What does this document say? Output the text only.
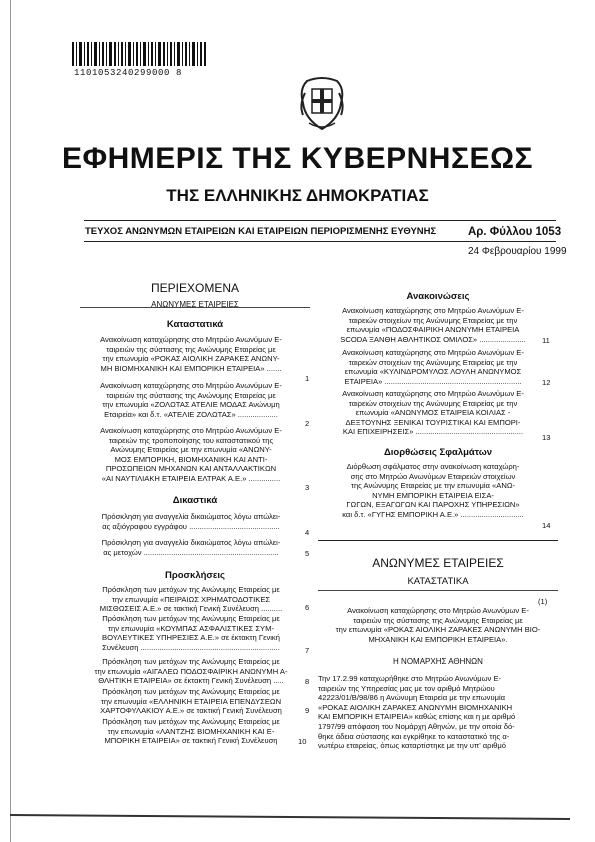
1101053240299000 8
ΕΦΗΜΕΡΙΣ ΤΗΣ ΚΥΒΕΡΝΗΣΕΩΣ
ΤΗΣ ΕΛΛΗΝΙΚΗΣ ΔΗΜΟΚΡΑΤΙΑΣ
ΤΕΥΧΟΣ ΑΝΩΝΥΜΩΝ ΕΤΑΙΡΕΙΩΝ ΚΑΙ ΕΤΑΙΡΕΙΩΝ ΠΕΡΙΟΡΙΣΜΕΝΗΣ ΕΥΘΥΝΗΣ	Αρ. Φύλλου 1053
24 Φεβρουαρίου 1999
ΠΕΡΙΕΧΟΜΕΝΑ
ΑΝΩΝΥΜΕΣ ΕΤΑΙΡΕΙΕΣ
Καταστατικά
Ανακοίνωση καταχώρησης στο Μητρώο Ανωνύμων Ε-
ταιρειών της σύστασης της Ανώνυμης Εταιρείας με
την επωνυμία «ΡΟΚΑΣ ΑΙΟΛΙΚΗ ΖΑΡΑΚΕΣ ΑΝΩΝΥ-
ΜΗ ΒΙΟΜΗΧΑΝΙΚΗ ΚΑΙ ΕΜΠΟΡΙΚΗ ΕΤΑΙΡΕΙΑ» .......
1
Ανακοίνωση καταχώρησης στο Μητρώο Ανωνύμων Ε-
ταιρειών της σύστασης της Ανώνυμης Εταιρείας με
την επωνυμία «ΖΟΛΩΤΑΣ ΑΤΕΛΙΕ ΜΟΔΑΣ Ανώνυμη
Εταιρεία» και δ.τ. «ΑΤΕΛΙΕ ΖΟΛΩΤΑΣ» ...................
2
Ανακοίνωση καταχώρησης στο Μητρώο Ανωνύμων Ε-
ταιρειών της τροποποίησης του καταστατικού της
Ανώνυμης Εταιρείας με την επωνυμία «ΑΝΩΝΥ-
ΜΟΣ ΕΜΠΟΡΙΚΗ, ΒΙΟΜΗΧΑΝΙΚΗ ΚΑΙ ΑΝΤΙ-
ΠΡΟΣΩΠΕΙΩΝ ΜΗΧΑΝΩΝ ΚΑΙ ΑΝΤΑΛΛΑΚΤΙΚΩΝ
«ΑΙ ΝΑΥΤΙΛΙΑΚΗ ΕΤΑΙΡΕΙΑ ΕΛΤΡΑΚ Α.Ε.» ...............
3
Δικαστικά
Πρόσκληση για αναγγελία δικαιώματος λόγω απώλει-
ας αξιόγραφου εγγράφου ...........................................
4
Πρόσκληση για αναγγελία δικαιώματος λόγω απώλει-
ας μετοχών ................................................................	5
Προσκλήσεις
Πρόσκληση των μετόχων της Ανώνυμης Εταιρείας με
την επωνυμία «ΠΕΙΡΑΙΩΣ ΧΡΗΜΑΤΟΔΟΤΙΚΕΣ
ΜΙΣΘΩΣΕΙΣ Α.Ε.» σε τακτική Γενική Συνέλευση ..........	6
Πρόσκληση των μετόχων της Ανώνυμης Εταιρείας με
την επωνυμία «ΚΟΥΜΠΑΣ ΑΣΦΑΛΙΣΤΙΚΕΣ ΣΥΜ-
ΒΟΥΛΕΥΤΙΚΕΣ ΥΠΗΡΕΣΙΕΣ Α.Ε.» σε έκτακτη Γενική
Συνέλευση ..................................................................	7
Πρόσκληση των μετόχων της Ανώνυμης Εταιρείας με
την επωνυμία «ΑΙΓΑΛΕΩ ΠΟΔΟΣΦΑΙΡΙΚΗ ΑΝΩΝΥΜΗ Α-
ΘΛΗΤΙΚΗ ΕΤΑΙΡΕΙΑ» σε έκτακτη Γενική Συνέλευση .....	8
Πρόσκληση των μετόχων της Ανώνυμης Εταιρείας με
την επωνυμία «ΕΛΛΗΝΙΚΗ ΕΤΑΙΡΕΙΑ ΕΠΕΝΔΥΣΕΩΝ
ΧΑΡΤΟΦΥΛΑΚΙΟΥ Α.Ε.» σε τακτική Γενική Συνέλευση	9
Πρόσκληση των μετόχων της Ανώνυμης Εταιρείας με
την επωνυμία «ΛΑΝΤΖΗΣ ΒΙΟΜΗΧΑΝΙΚΗ ΚΑΙ Ε-
ΜΠΟΡΙΚΗ ΕΤΑΙΡΕΙΑ» σε τακτική Γενική Συνέλευση	10
Ανακοινώσεις
Ανακοίνωση καταχώρησης στο Μητρώο Ανωνύμων Ε-
ταιρειών στοιχείων της Ανώνυμης Εταιρείας με την
επωνυμία «ΠΟΔΟΣΦΑΙΡΙΚΗ ΑΝΩΝΥΜΗ ΕΤΑΙΡΕΙΑ
SCODA ΞΑΝΘΗ ΑΘΛΗΤΙΚΟΣ ΟΜΙΛΟΣ» ......................	11
Ανακοίνωση καταχώρησης στο Μητρώο Ανωνύμων Ε-
ταιρειών στοιχείων της Ανώνυμης Εταιρείας με την
επωνυμία «ΚΥΛΙΝΔΡΟΜΥΛΟΣ ΛΟΥΛΗ ΑΝΩΝΥΜΟΣ
ΕΤΑΙΡΕΙΑ» .................................................................	12
Ανακοίνωση καταχώρησης στο Μητρώο Ανωνύμων Ε-
ταιρειών στοιχείων της Ανώνυμης Εταιρείας με την
επωνυμία «ΑΝΩΝΥΜΟΣ ΕΤΑΙΡΕΙΑ ΚΟΙΛΙΑΣ -
ΔΕΞΤΟΥΝΗΣ ΞΕΝΙΚΑΙ ΤΟΥΡΙΣΤΙΚΑΙ ΚΑΙ ΕΜΠΟΡΙ-
ΚΑΙ ΕΠΙΧΕΙΡΗΣΕΙΣ» ...................................................
13
Διορθώσεις Σφαλμάτων
Διόρθωση σφάλματος στην ανακοίνωση καταχώρη-
σης στο Μητρώο Ανωνύμων Εταιρειών στοιχείων
της Ανώνυμης Εταιρείας με την επωνυμία «ΑΝΩ-
ΝΥΜΗ ΕΜΠΟΡΙΚΗ ΕΤΑΙΡΕΙΑ ΕΙΣΑ-
ΓΩΓΩΝ, ΕΞΑΓΩΓΩΝ ΚΑΙ ΠΑΡΟΧΗΣ ΥΠΗΡΕΣΙΩΝ»
και δ.τ. «ΓΥΓΗΣ ΕΜΠΟΡΙΚΗ Α.Ε.» ..............................
14
ΑΝΩΝΥΜΕΣ ΕΤΑΙΡΕΙΕΣ
ΚΑΤΑΣΤΑΤΙΚΑ
(1)
Ανακοίνωση καταχώρησης στο Μητρώο Ανωνύμων Ε-
ταιρειών της σύστασης της Ανώνυμης Εταιρείας με
την επωνυμία «ΡΟΚΑΣ ΑΙΟΛΙΚΗ ΖΑΡΑΚΕΣ ΑΝΩΝΥΜΗ ΒΙΟ-
ΜΗΧΑΝΙΚΗ ΚΑΙ ΕΜΠΟΡΙΚΗ ΕΤΑΙΡΕΙΑ».
Η ΝΟΜΑΡΧΗΣ ΑΘΗΝΩΝ
Την 17.2.99 καταχωρήθηκε στο Μητρώο Ανωνύμων Ε-
ταιρειών της Υπηρεσίας μας με τον αριθμό Μητρώου
42223/01/Β/98/86 η Ανώνυμη Εταιρεία με την επωνυμία
«ΡΟΚΑΣ ΑΙΟΛΙΚΗ ΖΑΡΑΚΕΣ ΑΝΩΝΥΜΗ ΒΙΟΜΗΧΑΝΙΚΗ
ΚΑΙ ΕΜΠΟΡΙΚΗ ΕΤΑΙΡΕΙΑ» καθώς επίσης και η με αριθμό
1797/99 απόφαση του Νομάρχη Αθηνών, με την οποία δό-
θηκε άδεια σύστασης και εγκρίθηκε το καταστατικό της α-
νωτέρω εταιρείας, όπως καταρτίστηκε με την υπ' αριθμό
